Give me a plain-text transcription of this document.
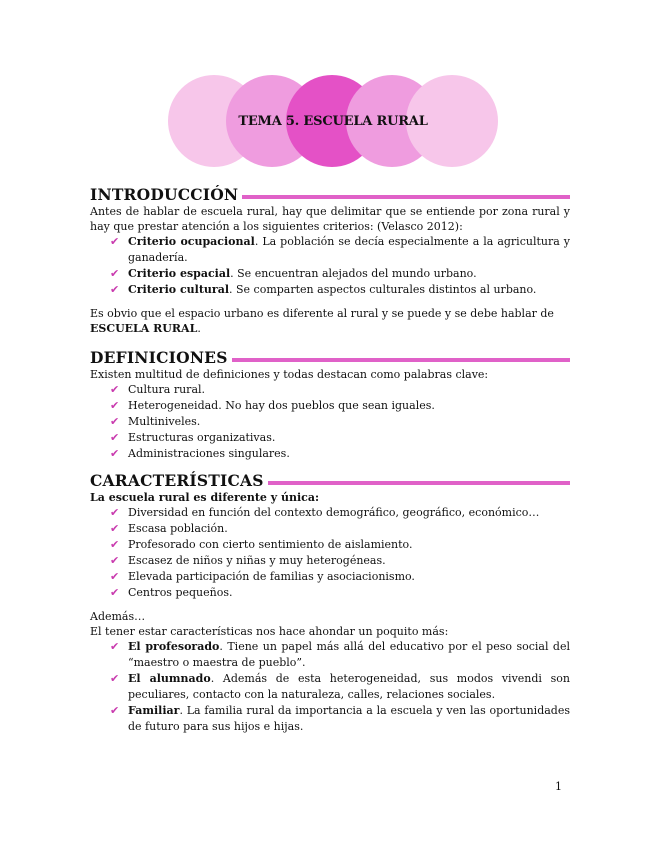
TEMA 5. ESCUELA RURAL
INTRODUCCIÓN

Antes de hablar de escuela rural, hay que delimitar que se entiende por zona rural y hay que prestar atención a los siguientes criterios: (Velasco 2012):

✔ Criterio ocupacional. La población se decía especialmente a la agricultura y ganadería.
✔ Criterio espacial. Se encuentran alejados del mundo urbano.
✔ Criterio cultural. Se comparten aspectos culturales distintos al urbano.

Es obvio que el espacio urbano es diferente al rural y se puede y se debe hablar de ESCUELA RURAL.

DEFINICIONES

Existen multitud de definiciones y todas destacan como palabras clave:

✔ Cultura rural.
✔ Heterogeneidad. No hay dos pueblos que sean iguales.
✔ Multiniveles.
✔ Estructuras organizativas.
✔ Administraciones singulares.
CARACTERÍSTICAS

La escuela rural es diferente y única:

✔ Diversidad en función del contexto demográfico, geográfico, económico…
✔ Escasa población.
✔ Profesorado con cierto sentimiento de aislamiento.
✔ Escasez de niños y niñas y muy heterogéneas.
✔ Elevada participación de familias y asociacionismo.
✔ Centros pequeños.

Además…

El tener estar características nos hace ahondar un poquito más:

✔ El profesorado. Tiene un papel más allá del educativo por el peso social del “maestro o maestra de pueblo”.
✔ El alumnado. Además de esta heterogeneidad, sus modos vivendi son peculiares, contacto con la naturaleza, calles, relaciones sociales.
✔ Familiar. La familia rural da importancia a la escuela y ven las oportunidades de futuro para sus hijos e hijas.
1
